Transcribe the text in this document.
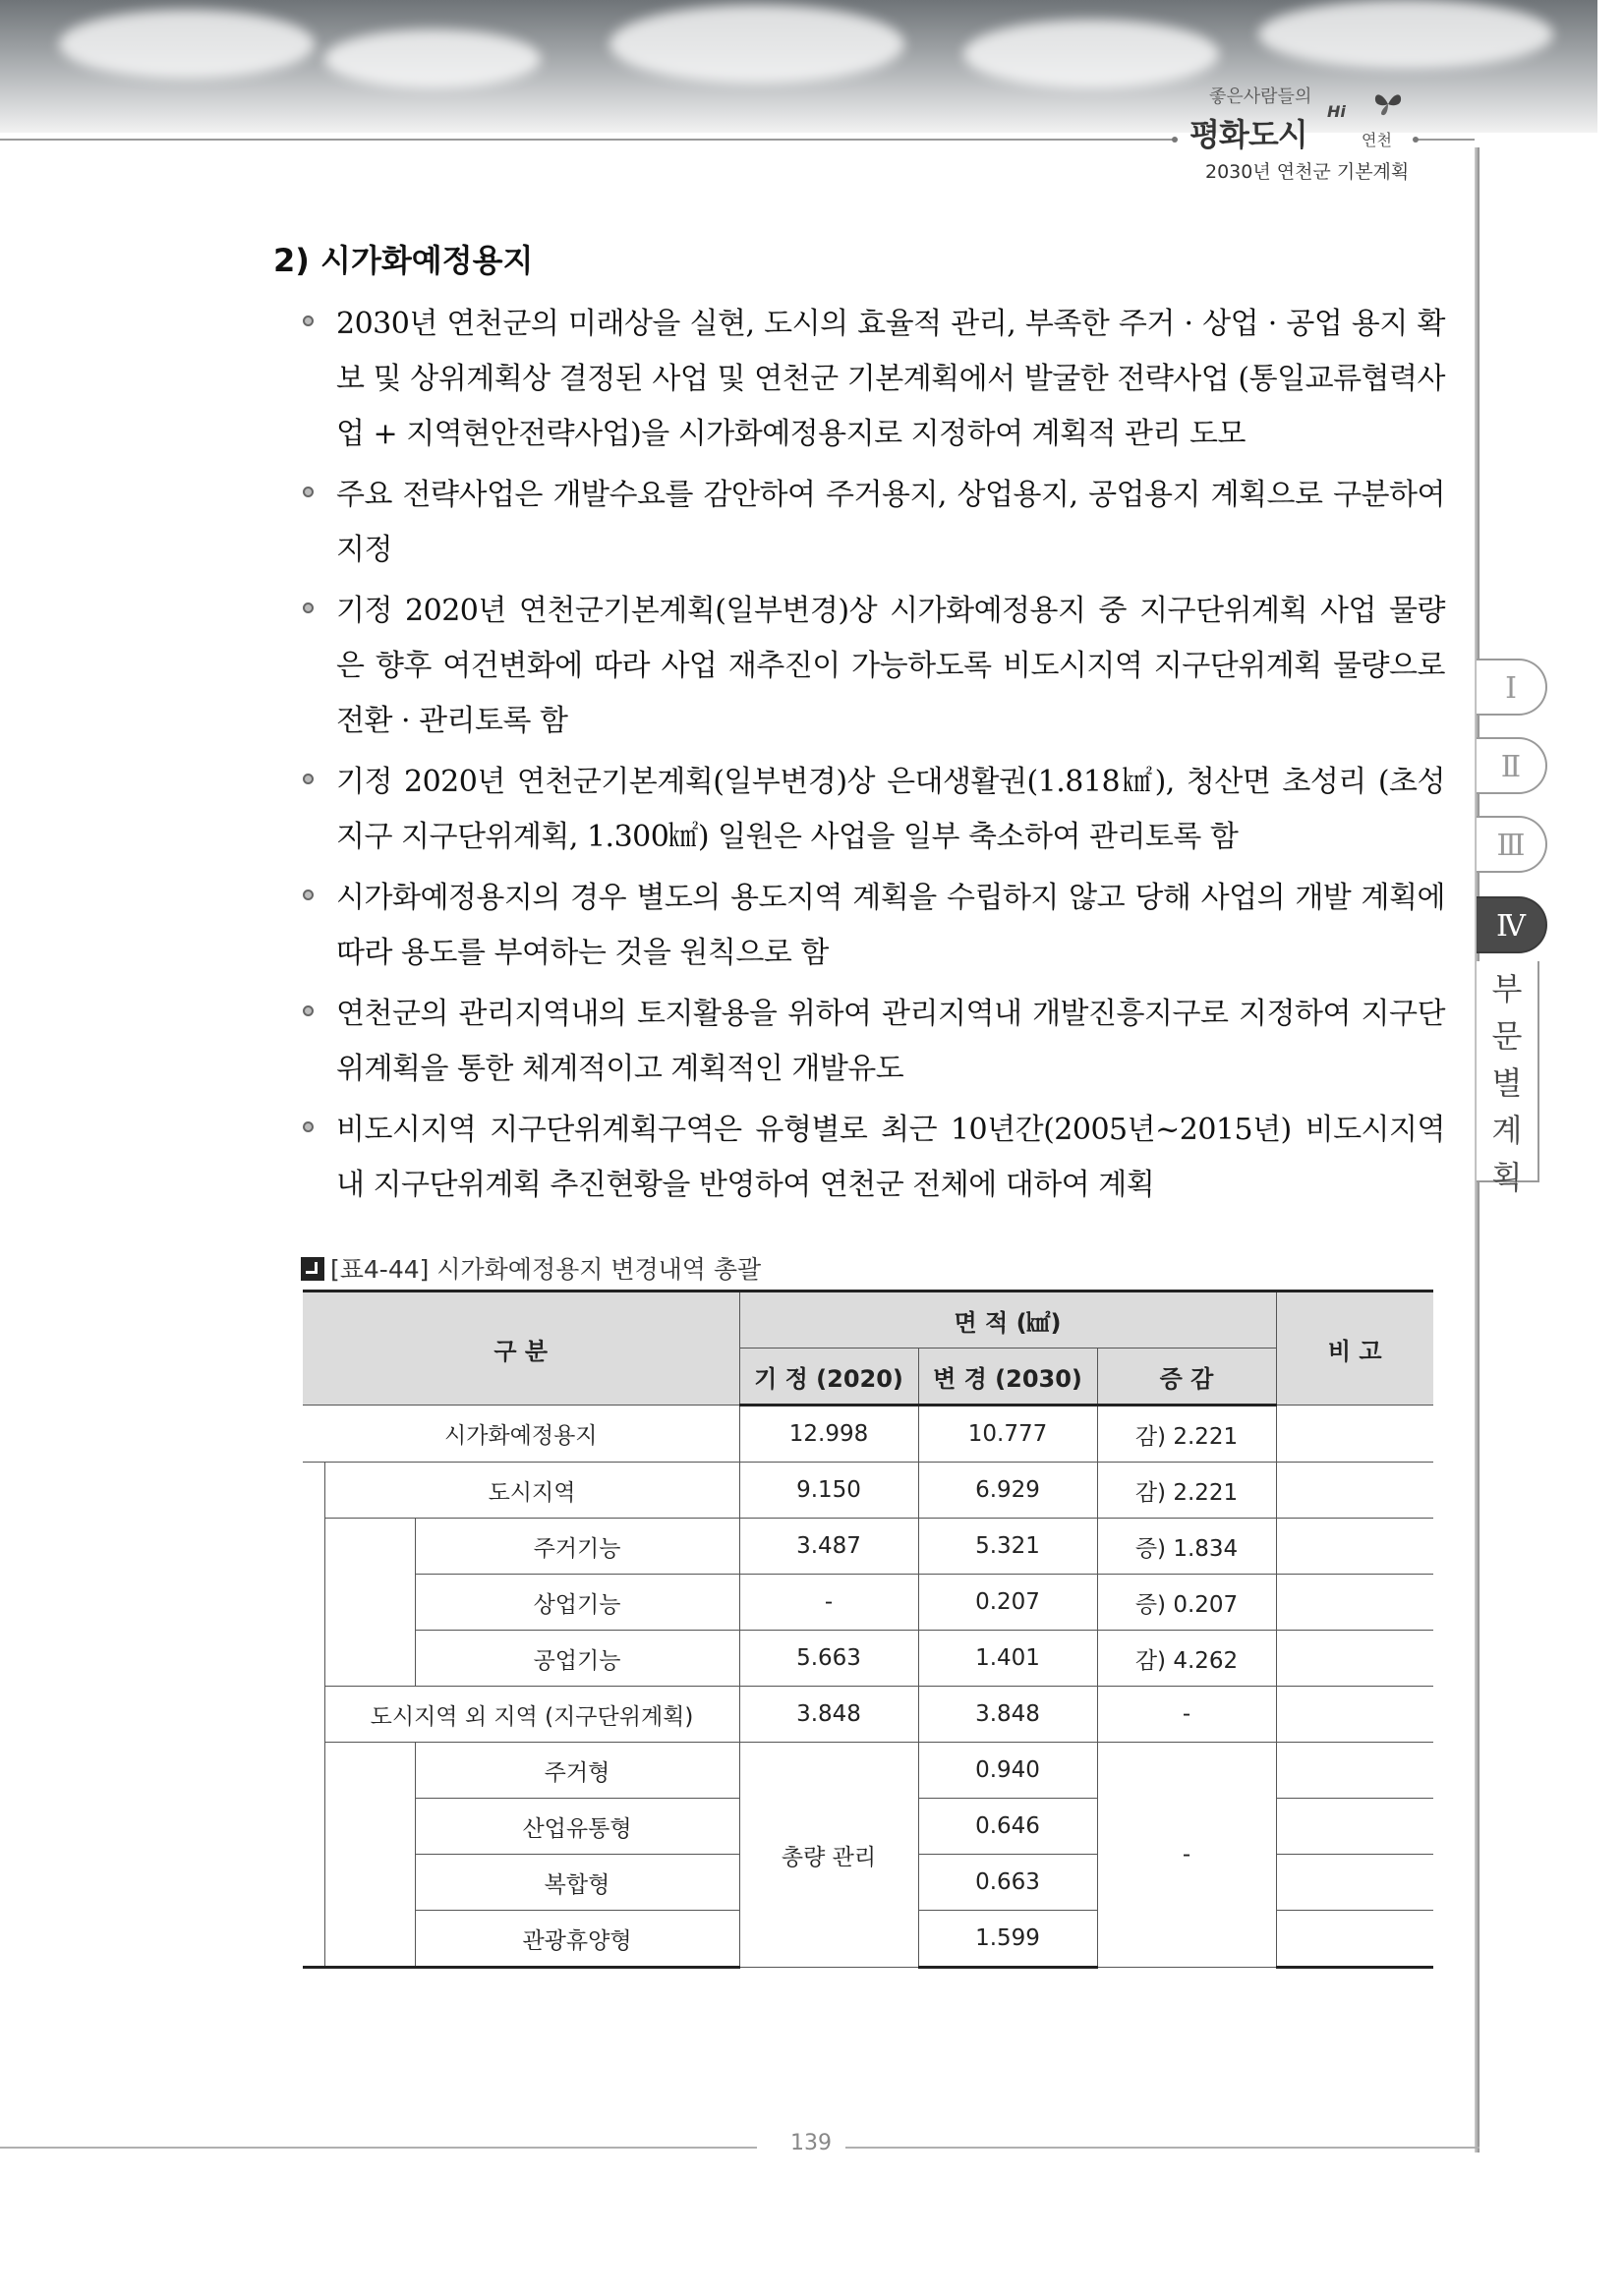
좋은사람들의
평화도시
Hi
연천
2030년 연천군 기본계획
139
2) 시가화예정용지
2030년 연천군의 미래상을 실현, 도시의 효율적 관리, 부족한 주거 · 상업 · 공업 용지 확보 및 상위계획상 결정된 사업 및 연천군 기본계획에서 발굴한 전략사업 (통일교류협력사업 + 지역현안전략사업)을 시가화예정용지로 지정하여 계획적 관리 도모
주요 전략사업은 개발수요를 감안하여 주거용지, 상업용지, 공업용지 계획으로 구분하여 지정
기정 2020년 연천군기본계획(일부변경)상 시가화예정용지 중 지구단위계획 사업 물량은 향후 여건변화에 따라 사업 재추진이 가능하도록 비도시지역 지구단위계획 물량으로 전환 · 관리토록 함
기정 2020년 연천군기본계획(일부변경)상 은대생활권(1.818㎢), 청산면 초성리 (초성지구 지구단위계획, 1.300㎢) 일원은 사업을 일부 축소하여 관리토록 함
시가화예정용지의 경우 별도의 용도지역 계획을 수립하지 않고 당해 사업의 개발 계획에 따라 용도를 부여하는 것을 원칙으로 함
연천군의 관리지역내의 토지활용을 위하여 관리지역내 개발진흥지구로 지정하여 지구단위계획을 통한 체계적이고 계획적인 개발유도
비도시지역 지구단위계획구역은 유형별로 최근 10년간(2005년~2015년) 비도시지역 내 지구단위계획 추진현황을 반영하여 연천군 전체에 대하여 계획
Ⅰ
Ⅱ
Ⅲ
Ⅳ
부
문
별
계
획
[표4-44] 시가화예정용지 변경내역 총괄
구 분			면 적 (㎢)			비 고
			기 정 (2020)	변 경 (2030)	증 감	
시가화예정용지			12.998	10.777	감) 2.221	
	도시지역		9.150	6.929	감) 2.221	
		주거기능	3.487	5.321	증) 1.834	
		상업기능	-	0.207	증) 0.207	
		공업기능	5.663	1.401	감) 4.262	
	도시지역 외 지역 (지구단위계획)		3.848	3.848	-	
		주거형	총량 관리	0.940	-	
		산업유통형		0.646		
		복합형		0.663		
		관광휴양형		1.599		
